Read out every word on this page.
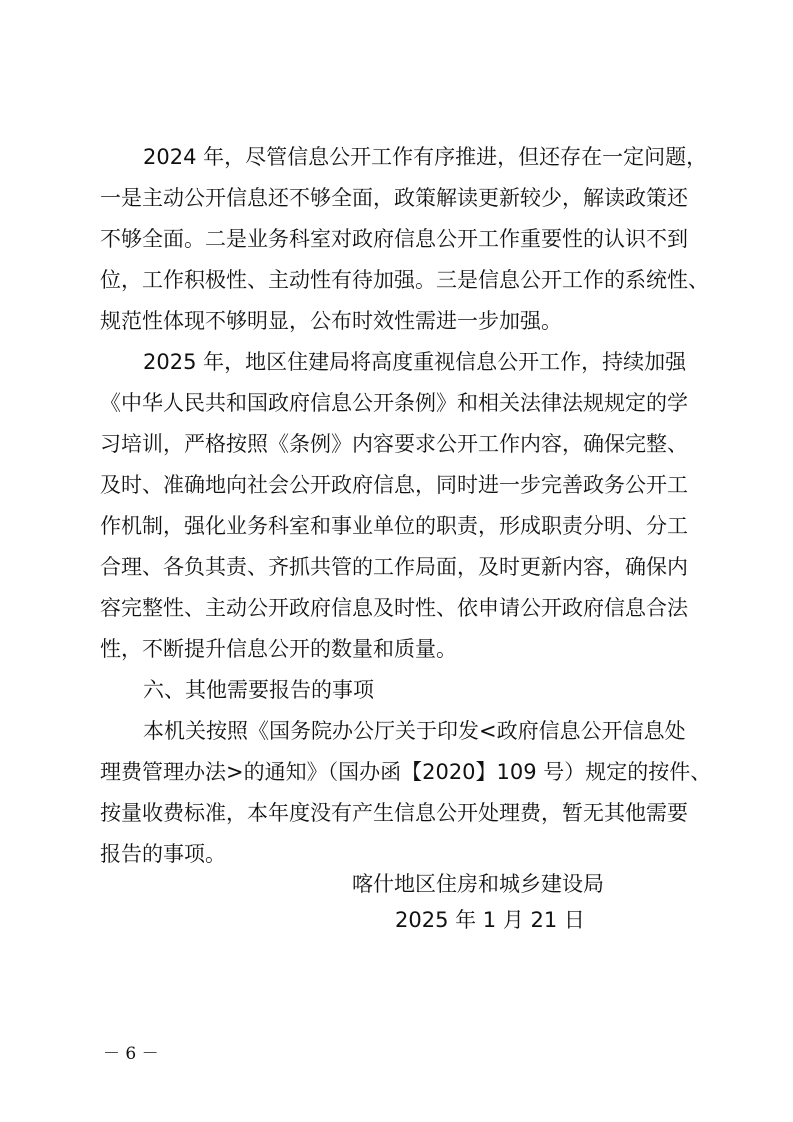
2024 年，尽管信息公开工作有序推进，但还存在一定问题，
一是主动公开信息还不够全面，政策解读更新较少，解读政策还
不够全面。二是业务科室对政府信息公开工作重要性的认识不到
位，工作积极性、主动性有待加强。三是信息公开工作的系统性、
规范性体现不够明显，公布时效性需进一步加强。
2025 年，地区住建局将高度重视信息公开工作，持续加强
《中华人民共和国政府信息公开条例》和相关法律法规规定的学
习培训，严格按照《条例》内容要求公开工作内容，确保完整、
及时、准确地向社会公开政府信息，同时进一步完善政务公开工
作机制，强化业务科室和事业单位的职责，形成职责分明、分工
合理、各负其责、齐抓共管的工作局面，及时更新内容，确保内
容完整性、主动公开政府信息及时性、依申请公开政府信息合法
性，不断提升信息公开的数量和质量。
六、其他需要报告的事项
本机关按照《国务院办公厅关于印发<政府信息公开信息处
理费管理办法>的通知》（国办函【2020】109 号）规定的按件、
按量收费标准，本年度没有产生信息公开处理费，暂无其他需要
报告的事项。
喀什地区住房和城乡建设局
2025 年 1 月 21 日
－ 6 －
